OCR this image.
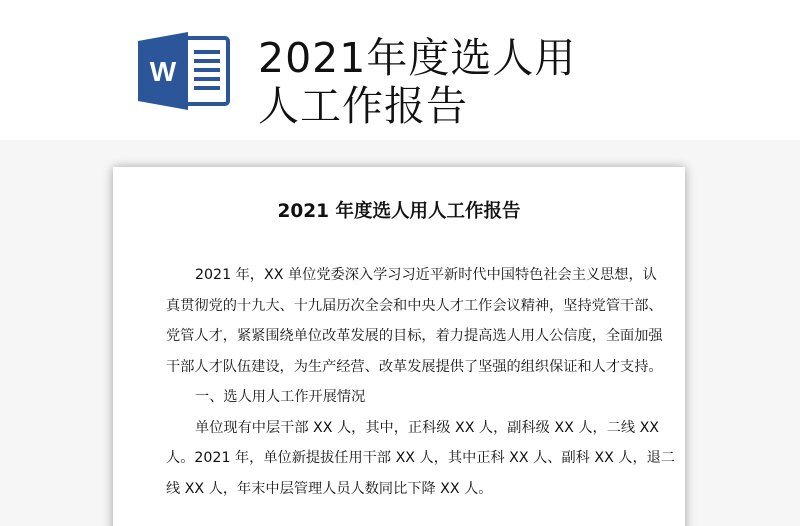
W 2021年度选人用
人工作报告
2021 年度选人用人工作报告
2021 年，XX 单位党委深入学习习近平新时代中国特色社会主义思想，认
真贯彻党的十九大、十九届历次全会和中央人才工作会议精神，坚持党管干部、
党管人才，紧紧围绕单位改革发展的目标，着力提高选人用人公信度，全面加强
干部人才队伍建设，为生产经营、改革发展提供了坚强的组织保证和人才支持。
一、选人用人工作开展情况
单位现有中层干部 XX 人，其中，正科级 XX 人，副科级 XX 人，二线 XX
人。2021 年，单位新提拔任用干部 XX 人，其中正科 XX 人、副科 XX 人，退二
线 XX 人，年末中层管理人员人数同比下降 XX 人。
